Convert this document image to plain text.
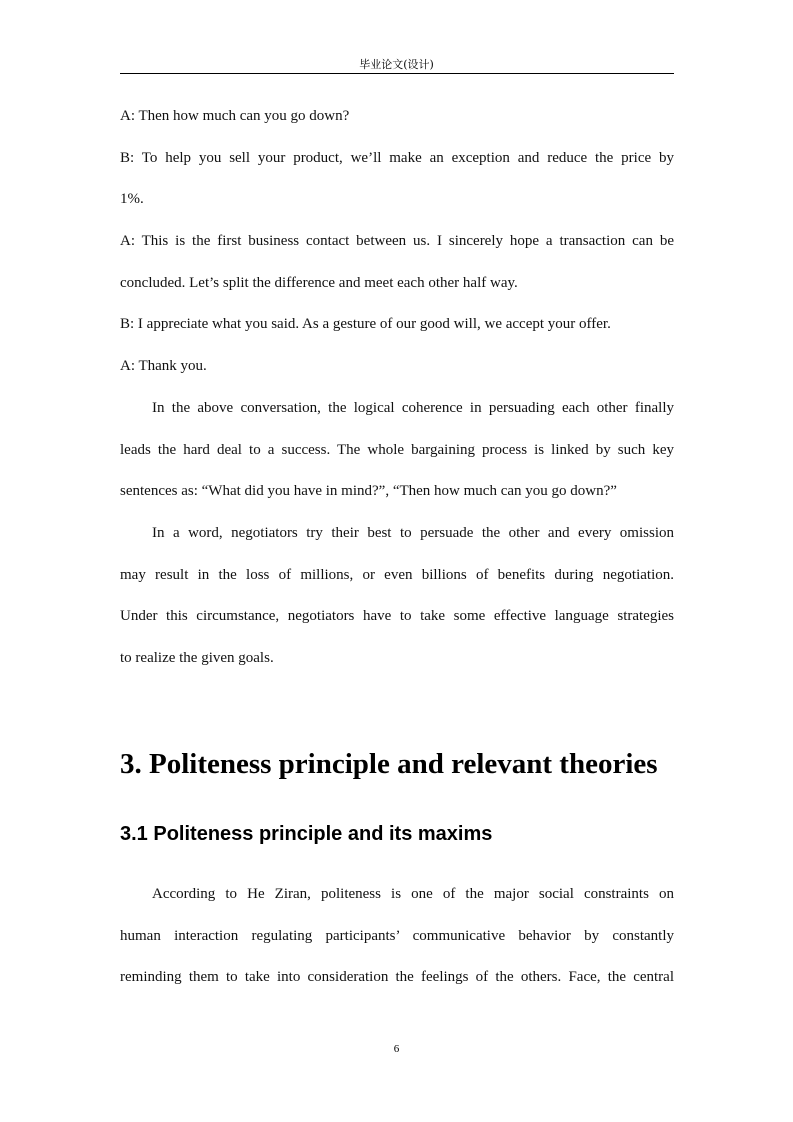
毕业论文(设计)
A: Then how much can you go down?
B: To help you sell your product, we’ll make an exception and reduce the price by
1%.
A: This is the first business contact between us. I sincerely hope a transaction can be
concluded. Let’s split the difference and meet each other half way.
B: I appreciate what you said. As a gesture of our good will, we accept your offer.
A: Thank you.
In the above conversation, the logical coherence in persuading each other finally
leads the hard deal to a success. The whole bargaining process is linked by such key
sentences as: “What did you have in mind?”, “Then how much can you go down?”
In a word, negotiators try their best to persuade the other and every omission
may result in the loss of millions, or even billions of benefits during negotiation.
Under this circumstance, negotiators have to take some effective language strategies
to realize the given goals.
3. Politeness principle and relevant theories
3.1 Politeness principle and its maxims
According to He Ziran, politeness is one of the major social constraints on
human interaction regulating participants’ communicative behavior by constantly
reminding them to take into consideration the feelings of the others. Face, the central
6
